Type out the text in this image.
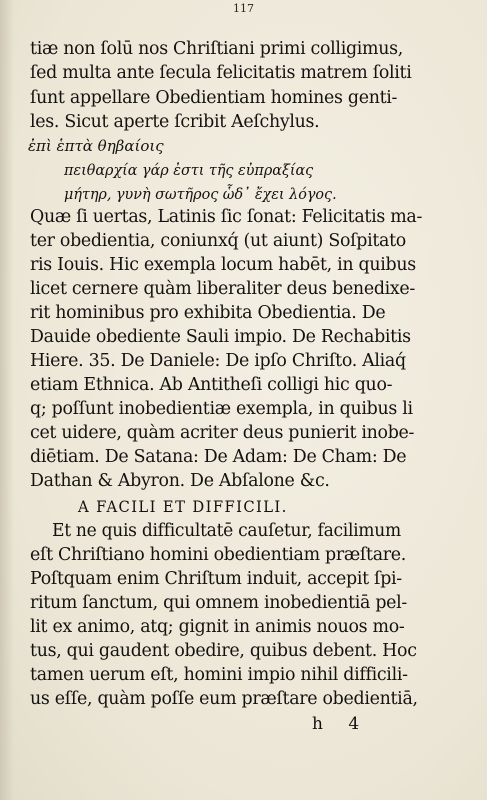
117
tiæ non ſolū nos Chriſtiani primi colligimus,
ſed multa ante ſecula felicitatis matrem ſoliti
ſunt appellare Obedientiam homines genti-
les. Sicut aperte ſcribit Aeſchylus.
ἐπὶ ἑπτὰ θηβαίοις
πειθαρχία γάρ ἐστι τῆς εὐπραξίας
μήτηρ, γυνὴ σωτῆρος ὧδ᾽ ἔχει λόγος.
Quæ ſi uertas, Latinis ſic ſonat: Felicitatis ma-
ter obedientia, coniunxq́ (ut aiunt) Soſpitato
ris Iouis. Hic exempla locum habēt, in quibus
licet cernere quàm liberaliter deus benedixe-
rit hominibus pro exhibita Obedientia. De
Dauide obediente Sauli impio. De Rechabitis
Hiere. 35. De Daniele: De ipſo Chriſto. Aliaq́
etiam Ethnica. Ab Antitheſi colligi hic quo-
q; poſſunt inobedientiæ exempla, in quibus li
cet uidere, quàm acriter deus punierit inobe-
diētiam. De Satana: De Adam: De Cham: De
Dathan & Abyron. De Abſalone &c.
A FACILI ET DIFFICILI.
Et ne quis difficultatē cauſetur, facilimum
eſt Chriſtiano homini obedientiam præſtare.
Poſtquam enim Chriſtum induit, accepit ſpi-
ritum ſanctum, qui omnem inobedientiā pel-
lit ex animo, atq; gignit in animis nouos mo-
tus, qui gaudent obedire, quibus debent. Hoc
tamen uerum eſt, homini impio nihil difficili-
us eſſe, quàm poſſe eum præſtare obedientiā,
h 4
